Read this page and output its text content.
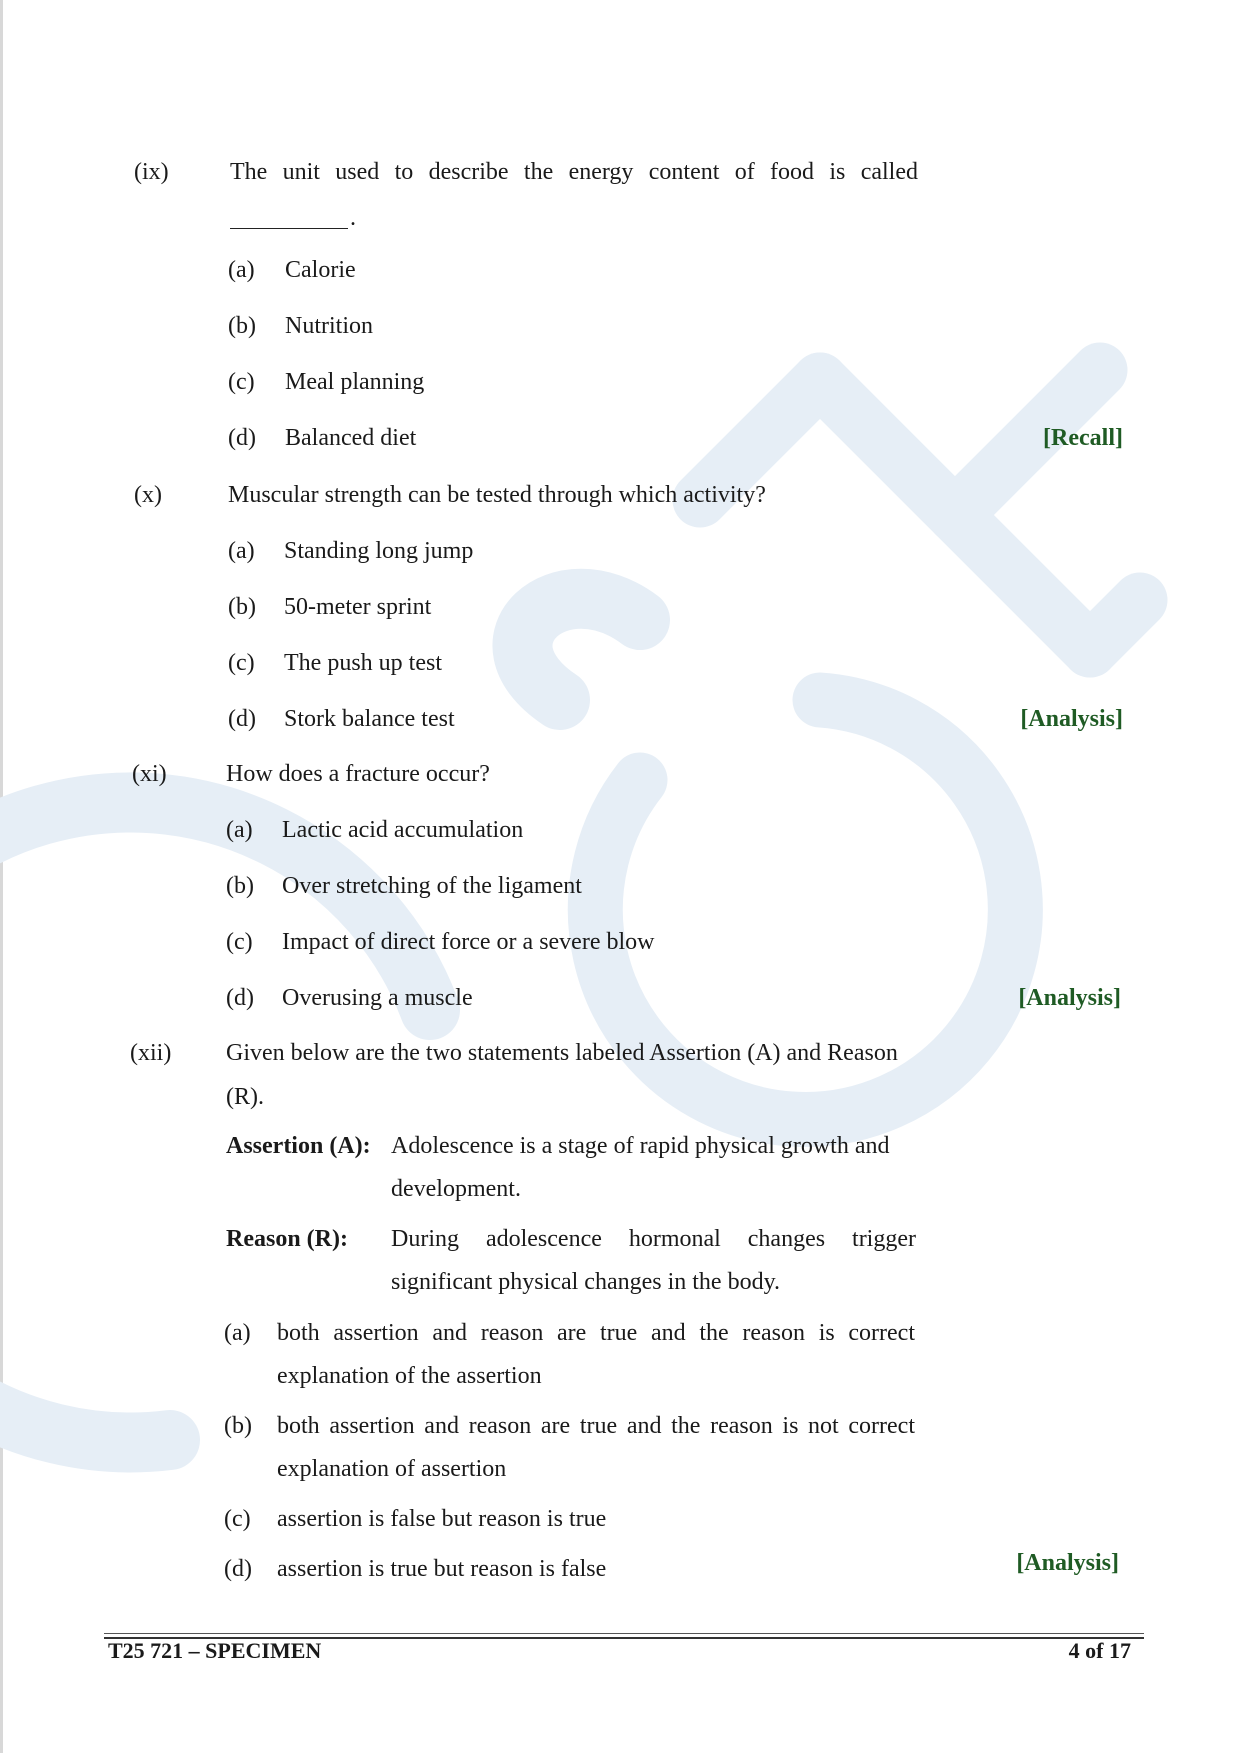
(ix)	The unit used to describe the energy content of food is called
.
(a) Calorie
(b) Nutrition
(c) Meal planning
(d) Balanced diet	[Recall]
(x)	Muscular strength can be tested through which activity?
(a) Standing long jump
(b) 50-meter sprint
(c) The push up test
(d) Stork balance test	[Analysis]
(xi) How does a fracture occur?
(a) Lactic acid accumulation
(b) Over stretching of the ligament
(c) Impact of direct force or a severe blow
(d) Overusing a muscle	[Analysis]
(xii) Given below are the two statements labeled Assertion (A) and Reason
(R).
Assertion (A): Adolescence is a stage of rapid physical growth and
development.
Reason (R): During adolescence hormonal changes trigger
significant physical changes in the body.
(a) both assertion and reason are true and the reason is correct
explanation of the assertion
(b) both assertion and reason are true and the reason is not correct
explanation of assertion
(c) assertion is false but reason is true
(d) assertion is true but reason is false	[Analysis]
T25 721 – SPECIMEN	4 of 17
